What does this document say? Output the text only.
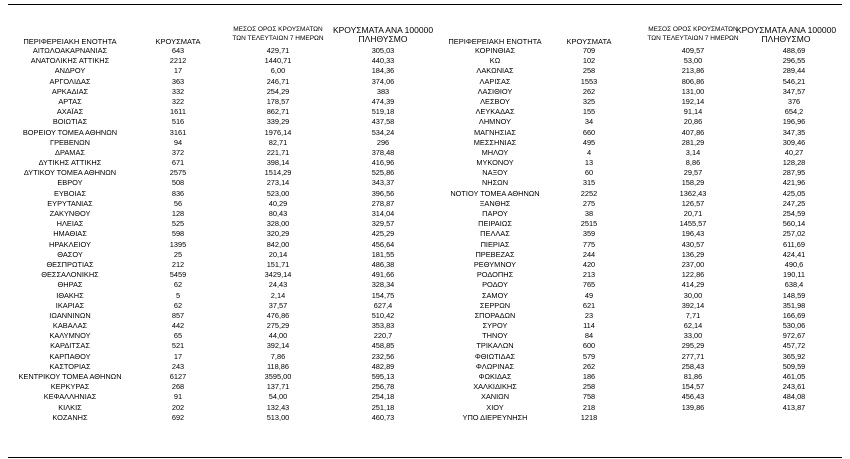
ΠΕΡΙΦΕΡΕΙΑΚΗ ΕΝΟΤΗΤΑ	ΚΡΟΥΣΜΑΤΑ
ΜΕΣΟΣ ΟΡΟΣ ΚΡΟΥΣΜΑΤΩΝ
ΤΩΝ ΤΕΛΕΥΤΑΙΩΝ 7 ΗΜΕΡΩΝ
ΚΡΟΥΣΜΑΤΑ ΑΝΑ 100000
ΠΛΗΘΥΣΜΟ	ΠΕΡΙΦΕΡΕΙΑΚΗ ΕΝΟΤΗΤΑ	ΚΡΟΥΣΜΑΤΑ
ΜΕΣΟΣ ΟΡΟΣ ΚΡΟΥΣΜΑΤΩΝ
ΤΩΝ ΤΕΛΕΥΤΑΙΩΝ 7 ΗΜΕΡΩΝ
ΚΡΟΥΣΜΑΤΑ ΑΝΑ 100000
ΠΛΗΘΥΣΜΟ
ΑΙΤΩΛΟΑΚΑΡΝΑΝΙΑΣ	643	429,71	305,03	ΚΟΡΙΝΘΙΑΣ	709	409,57	488,69
ΑΝΑΤΟΛΙΚΗΣ ΑΤΤΙΚΗΣ	2212	1440,71	440,33	ΚΩ	102	53,00	296,55
ΑΝΔΡΟΥ	17	6,00	184,36	ΛΑΚΩΝΙΑΣ	258	213,86	289,44
ΑΡΓΟΛΙΔΑΣ	363	246,71	374,06	ΛΑΡΙΣΑΣ	1553	806,86	546,21
ΑΡΚΑΔΙΑΣ	332	254,29	383	ΛΑΣΙΘΙΟΥ	262	131,00	347,57
ΑΡΤΑΣ	322	178,57	474,39	ΛΕΣΒΟΥ	325	192,14	376
ΑΧΑΪΑΣ	1611	862,71	519,18	ΛΕΥΚΑΔΑΣ	155	91,14	654,2
ΒΟΙΩΤΙΑΣ	516	339,29	437,58	ΛΗΜΝΟΥ	34	20,86	196,96
ΒΟΡΕΙΟΥ ΤΟΜΕΑ ΑΘΗΝΩΝ	3161	1976,14	534,24	ΜΑΓΝΗΣΙΑΣ	660	407,86	347,35
ΓΡΕΒΕΝΩΝ	94	82,71	296	ΜΕΣΣΗΝΙΑΣ	495	281,29	309,46
ΔΡΑΜΑΣ	372	221,71	378,48	ΜΗΛΟΥ	4	3,14	40,27
ΔΥΤΙΚΗΣ ΑΤΤΙΚΗΣ	671	398,14	416,96	ΜΥΚΟΝΟΥ	13	8,86	128,28
ΔΥΤΙΚΟΥ ΤΟΜΕΑ ΑΘΗΝΩΝ	2575	1514,29	525,86	ΝΑΞΟΥ	60	29,57	287,95
ΕΒΡΟΥ	508	273,14	343,37	ΝΗΣΩΝ	315	158,29	421,96
ΕΥΒΟΙΑΣ	836	523,00	396,56	ΝΟΤΙΟΥ ΤΟΜΕΑ ΑΘΗΝΩΝ	2252	1362,43	425,05
ΕΥΡΥΤΑΝΙΑΣ	56	40,29	278,87	ΞΑΝΘΗΣ	275	126,57	247,25
ΖΑΚΥΝΘΟΥ	128	80,43	314,04	ΠΑΡΟΥ	38	20,71	254,59
ΗΛΕΙΑΣ	525	328,00	329,57	ΠΕΙΡΑΙΩΣ	2515	1455,57	560,14
ΗΜΑΘΙΑΣ	598	320,29	425,29	ΠΕΛΛΑΣ	359	196,43	257,02
ΗΡΑΚΛΕΙΟΥ	1395	842,00	456,64	ΠΙΕΡΙΑΣ	775	430,57	611,69
ΘΑΣΟΥ	25	20,14	181,55	ΠΡΕΒΕΖΑΣ	244	136,29	424,41
ΘΕΣΠΡΩΤΙΑΣ	212	151,71	486,38	ΡΕΘΥΜΝΟΥ	420	237,00	490,6
ΘΕΣΣΑΛΟΝΙΚΗΣ	5459	3429,14	491,66	ΡΟΔΟΠΗΣ	213	122,86	190,11
ΘΗΡΑΣ	62	24,43	328,34	ΡΟΔΟΥ	765	414,29	638,4
ΙΘΑΚΗΣ	5	2,14	154,75	ΣΑΜΟΥ	49	30,00	148,59
ΙΚΑΡΙΑΣ	62	37,57	627,4	ΣΕΡΡΩΝ	621	392,14	351,98
ΙΩΑΝΝΙΝΩΝ	857	476,86	510,42	ΣΠΟΡΑΔΩΝ	23	7,71	166,69
ΚΑΒΑΛΑΣ	442	275,29	353,83	ΣΥΡΟΥ	114	62,14	530,06
ΚΑΛΥΜΝΟΥ	65	44,00	220,7	ΤΗΝΟΥ	84	33,00	972,67
ΚΑΡΔΙΤΣΑΣ	521	392,14	458,85	ΤΡΙΚΑΛΩΝ	600	295,29	457,72
ΚΑΡΠΑΘΟΥ	17	7,86	232,56	ΦΘΙΩΤΙΔΑΣ	579	277,71	365,92
ΚΑΣΤΟΡΙΑΣ	243	118,86	482,89	ΦΛΩΡΙΝΑΣ	262	258,43	509,59
ΚΕΝΤΡΙΚΟΥ ΤΟΜΕΑ ΑΘΗΝΩΝ	6127	3595,00	595,13	ΦΩΚΙΔΑΣ	186	81,86	461,05
ΚΕΡΚΥΡΑΣ	268	137,71	256,78	ΧΑΛΚΙΔΙΚΗΣ	258	154,57	243,61
ΚΕΦΑΛΛΗΝΙΑΣ	91	54,00	254,18	ΧΑΝΙΩΝ	758	456,43	484,08
ΚΙΛΚΙΣ	202	132,43	251,18	ΧΙΟΥ	218	139,86	413,87
ΚΟΖΑΝΗΣ	692	513,00	460,73	ΥΠΟ ΔΙΕΡΕΥΝΗΣΗ	1218
